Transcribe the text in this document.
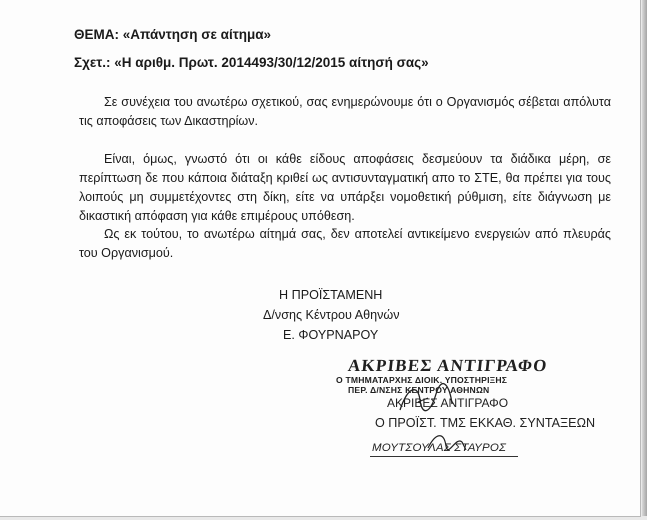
ΘΕΜΑ: «Απάντηση σε αίτημα»
Σχετ.: «Η αριθμ. Πρωτ. 2014493/30/12/2015 αίτησή σας»

Σε συνέχεια του ανωτέρω σχετικού, σας ενημερώνουμε ότι ο Οργανισμός σέβεται απόλυτα τις αποφάσεις των Δικαστηρίων.

Είναι, όμως, γνωστό ότι οι κάθε είδους αποφάσεις δεσμεύουν τα διάδικα μέρη, σε περίπτωση δε που κάποια διάταξη κριθεί ως αντισυνταγματική απο το ΣΤΕ, θα πρέπει για τους λοιπούς μη συμμετέχοντες στη δίκη, είτε να υπάρξει νομοθετική ρύθμιση, είτε διάγνωση με δικαστική απόφαση για κάθε επιμέρους υπόθεση.

Ως εκ τούτου, το ανωτέρω αίτημά σας, δεν αποτελεί αντικείμενο ενεργειών από πλευράς του Οργανισμού.

Η ΠΡΟΪΣΤΑΜΕΝΗ
Δ/νσης Κέντρου Αθηνών
Ε. ΦΟΥΡΝΑΡΟΥ
ΑΚΡΙΒΕΣ ΑΝΤΙΓΡΑΦΟ
Ο ΤΜΗΜΑΤΑΡΧΗΣ ΔΙΟΙΚ. ΥΠΟΣΤΗΡΙΞΗΣ
ΠΕΡ. Δ/ΝΣΗΣ ΚΕΝΤΡΟΥ ΑΘΗΝΩΝ
ΑΚΡΙΒΕΣ ΑΝΤΙΓΡΑΦΟ
Ο ΠΡΟΪΣΤ. ΤΜΣ ΕΚΚΑΘ. ΣΥΝΤΑΞΕΩΝ
ΜΟΥΤΣΟΥΛΑΣ ΣΤΑΥΡΟΣ
